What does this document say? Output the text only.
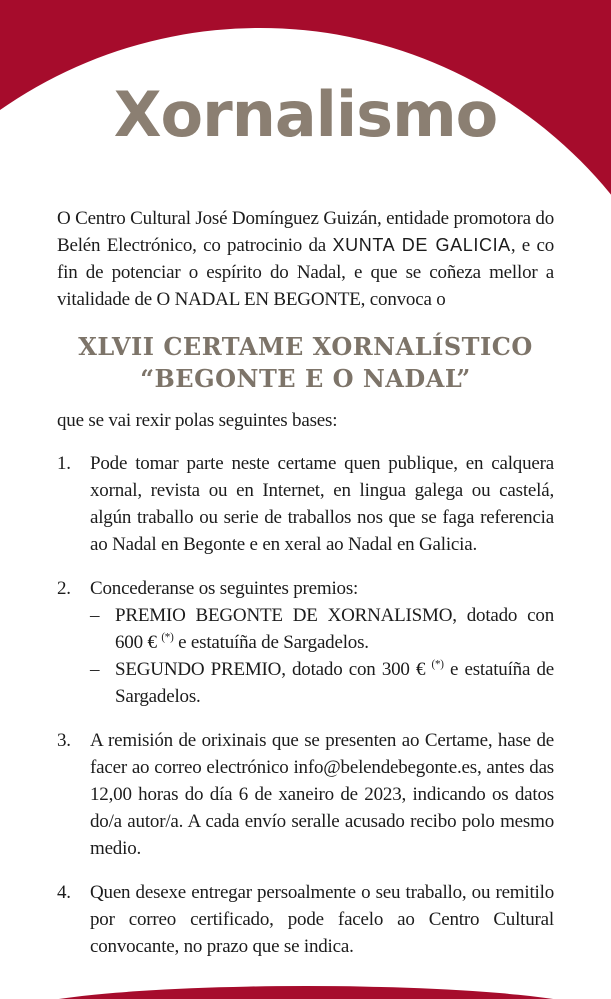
Xornalismo

O Centro Cultural José Domínguez Guizán, entidade promotora do Belén Electrónico, co patrocinio da XUNTA DE GALICIA, e co fin de potenciar o espírito do Nadal, e que se coñeza mellor a vitalidade de O NADAL EN BEGONTE, convoca o

XLVII CERTAME XORNALÍSTICO
“BEGONTE E O NADAL”

que se vai rexir polas seguintes bases:

1.	Pode tomar parte neste certame quen publique, en calquera xornal, revista ou en Internet, en lingua galega ou castelá, algún traballo ou serie de traballos nos que se faga referencia ao Nadal en Begonte e en xeral ao Nadal en Galicia.
2.	Concederanse os seguintes premios:
– PREMIO BEGONTE DE XORNALISMO, dotado con 600 € (*) e estatuíña de Sargadelos.
– SEGUNDO PREMIO, dotado con 300 € (*) e estatuíña de Sargadelos.
3.	A remisión de orixinais que se presenten ao Certame, hase de facer ao correo electrónico info@belendebegonte.es, antes das 12,00 horas do día 6 de xaneiro de 2023, indicando os datos do/a autor/a. A cada envío seralle acusado recibo polo mesmo medio.
4.	Quen desexe entregar persoalmente o seu traballo, ou remitilo por correo certificado, pode facelo ao Centro Cultural convocante, no prazo que se indica.
